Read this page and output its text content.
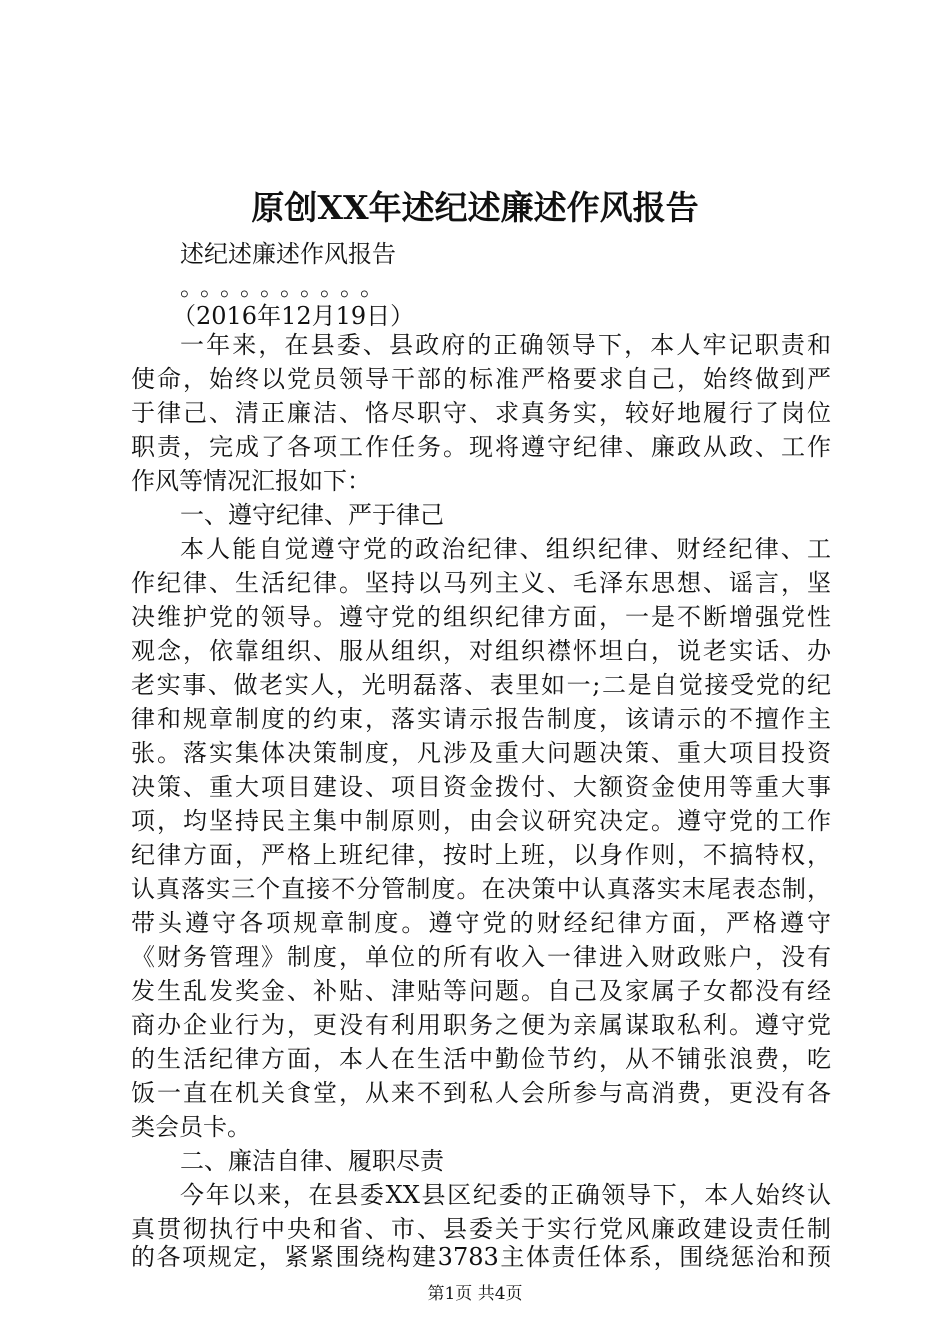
原创XX年述纪述廉述作风报告
述纪述廉述作风报告
。。。。。。。。。。
（2016年12月19日）
一年来，在县委、县政府的正确领导下，本人牢记职责和
使命，始终以党员领导干部的标准严格要求自己，始终做到严
于律己、清正廉洁、恪尽职守、求真务实，较好地履行了岗位
职责，完成了各项工作任务。现将遵守纪律、廉政从政、工作
作风等情况汇报如下：
一、遵守纪律、严于律己
本人能自觉遵守党的政治纪律、组织纪律、财经纪律、工
作纪律、生活纪律。坚持以马列主义、毛泽东思想、谣言，坚
决维护党的领导。遵守党的组织纪律方面，一是不断增强党性
观念，依靠组织、服从组织，对组织襟怀坦白，说老实话、办
老实事、做老实人，光明磊落、表里如一;二是自觉接受党的纪
律和规章制度的约束，落实请示报告制度，该请示的不擅作主
张。落实集体决策制度，凡涉及重大问题决策、重大项目投资
决策、重大项目建设、项目资金拨付、大额资金使用等重大事
项，均坚持民主集中制原则，由会议研究决定。遵守党的工作
纪律方面，严格上班纪律，按时上班，以身作则，不搞特权，
认真落实三个直接不分管制度。在决策中认真落实末尾表态制，
带头遵守各项规章制度。遵守党的财经纪律方面，严格遵守
《财务管理》制度，单位的所有收入一律进入财政账户，没有
发生乱发奖金、补贴、津贴等问题。自己及家属子女都没有经
商办企业行为，更没有利用职务之便为亲属谋取私利。遵守党
的生活纪律方面，本人在生活中勤俭节约，从不铺张浪费，吃
饭一直在机关食堂，从来不到私人会所参与高消费，更没有各
类会员卡。
二、廉洁自律、履职尽责
今年以来，在县委XX县区纪委的正确领导下，本人始终认
真贯彻执行中央和省、市、县委关于实行党风廉政建设责任制
第1页 共4页
的各项规定，紧紧围绕构建3783主体责任体系，围绕惩治和预
